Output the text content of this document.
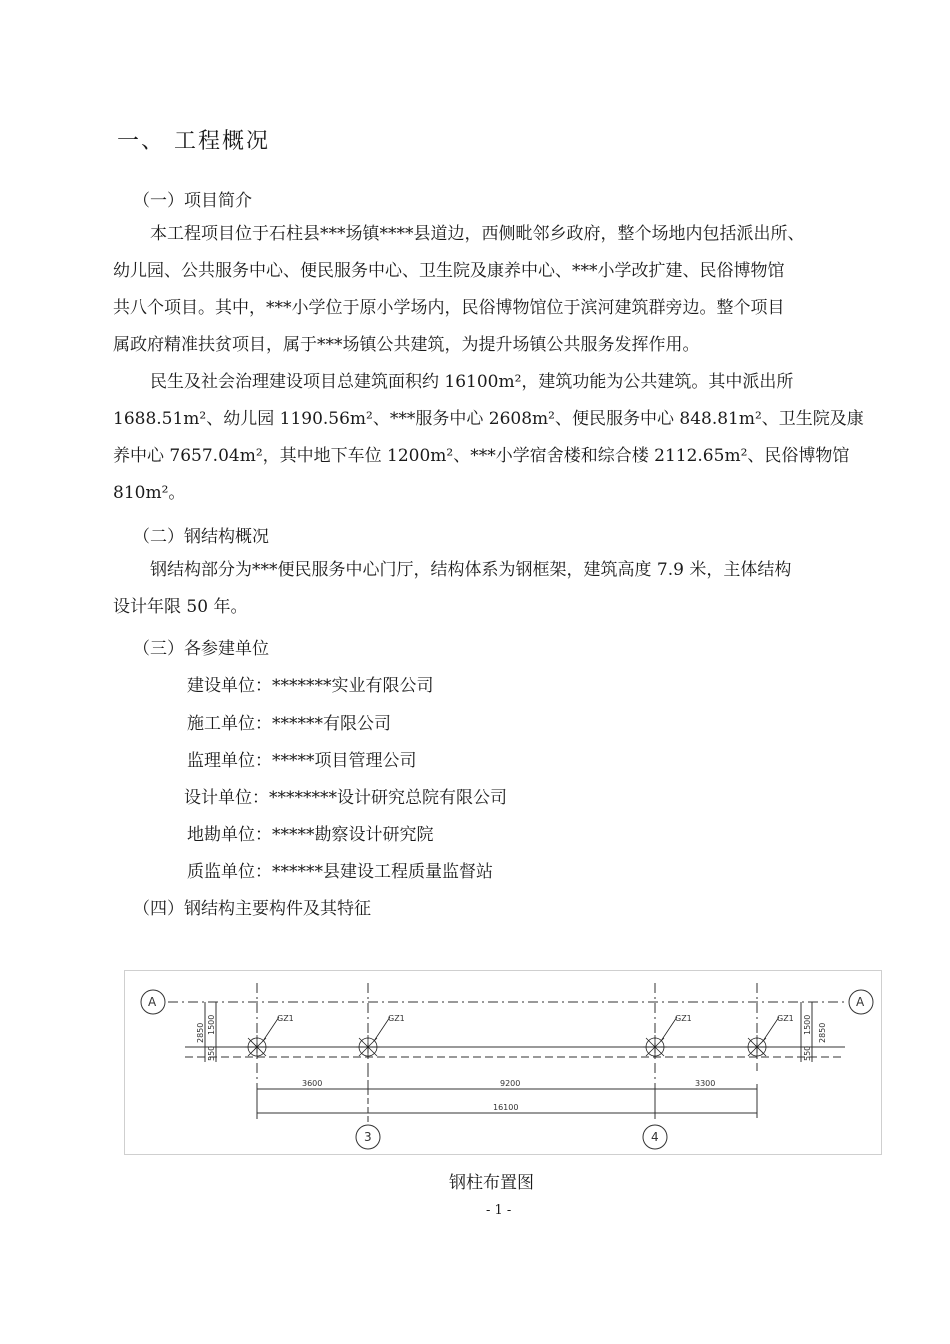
一、 工程概况
（一）项目简介
本工程项目位于石柱县***场镇****县道边，西侧毗邻乡政府，整个场地内包括派出所、
幼儿园、公共服务中心、便民服务中心、卫生院及康养中心、***小学改扩建、民俗博物馆
共八个项目。其中，***小学位于原小学场内，民俗博物馆位于滨河建筑群旁边。整个项目
属政府精准扶贫项目，属于***场镇公共建筑，为提升场镇公共服务发挥作用。
民生及社会治理建设项目总建筑面积约 16100m²，建筑功能为公共建筑。其中派出所
1688.51m²、幼儿园 1190.56m²、***服务中心 2608m²、便民服务中心 848.81m²、卫生院及康
养中心 7657.04m²，其中地下车位 1200m²、***小学宿舍楼和综合楼 2112.65m²、民俗博物馆
810m²。
（二）钢结构概况
钢结构部分为***便民服务中心门厅，结构体系为钢框架，建筑高度 7.9 米，主体结构
设计年限 50 年。
（三）各参建单位
建设单位：*******实业有限公司
施工单位：******有限公司
监理单位：*****项目管理公司
设计单位：********设计研究总院有限公司
地勘单位：*****勘察设计研究院
质监单位：******县建设工程质量监督站
（四）钢结构主要构件及其特征
A	A
3	4
GZ1	GZ1	GZ1	GZ1
3600	9200	3300
16100
2850 1500
550
1500
550
2850
钢柱布置图
- 1 -
